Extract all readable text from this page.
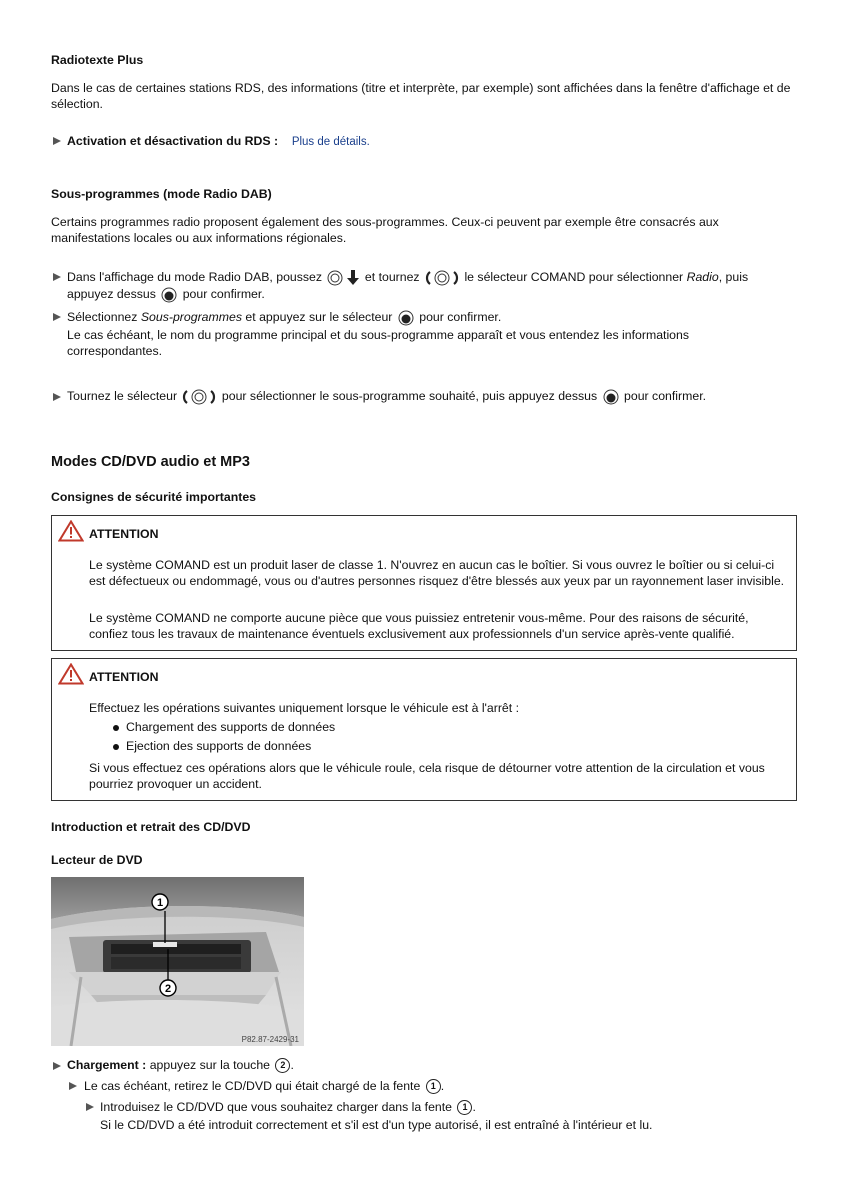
Radiotexte Plus
Dans le cas de certaines stations RDS, des informations (titre et interprète, par exemple) sont affichées dans la fenêtre d'affichage et de sélection.
Activation et désactivation du RDS : Plus de détails.
Sous-programmes (mode Radio DAB)
Certains programmes radio proposent également des sous-programmes. Ceux-ci peuvent par exemple être consacrés aux manifestations locales ou aux informations régionales.
Dans l'affichage du mode Radio DAB, poussez	et tournez	le sélecteur COMAND pour sélectionner Radio, puis
appuyez dessus pour confirmer.
Sélectionnez Sous-programmes et appuyez sur le sélecteur pour confirmer.
Le cas échéant, le nom du programme principal et du sous-programme apparaît et vous entendez les informations correspondantes.
Tournez le sélecteur	pour sélectionner le sous-programme souhaité, puis appuyez dessus pour confirmer.
Modes CD/DVD audio et MP3
Consignes de sécurité importantes
ATTENTION
Le système COMAND est un produit laser de classe 1. N'ouvrez en aucun cas le boîtier. Si vous ouvrez le boîtier ou si celui-ci est défectueux ou endommagé, vous ou d'autres personnes risquez d'être blessés aux yeux par un rayonnement laser invisible.
Le système COMAND ne comporte aucune pièce que vous puissiez entretenir vous-même. Pour des raisons de sécurité, confiez tous les travaux de maintenance éventuels exclusivement aux professionnels d'un service après-vente qualifié.
ATTENTION
Effectuez les opérations suivantes uniquement lorsque le véhicule est à l'arrêt :
Chargement des supports de données
Ejection des supports de données
Si vous effectuez ces opérations alors que le véhicule roule, cela risque de détourner votre attention de la circulation et vous pourriez provoquer un accident.
Introduction et retrait des CD/DVD
Lecteur de DVD
1
2
P82.87-2429-31
Chargement : appuyez sur la touche 2 .
Le cas échéant, retirez le CD/DVD qui était chargé de la fente 1 .
Introduisez le CD/DVD que vous souhaitez charger dans la fente 1 .
Si le CD/DVD a été introduit correctement et s'il est d'un type autorisé, il est entraîné à l'intérieur et lu.
